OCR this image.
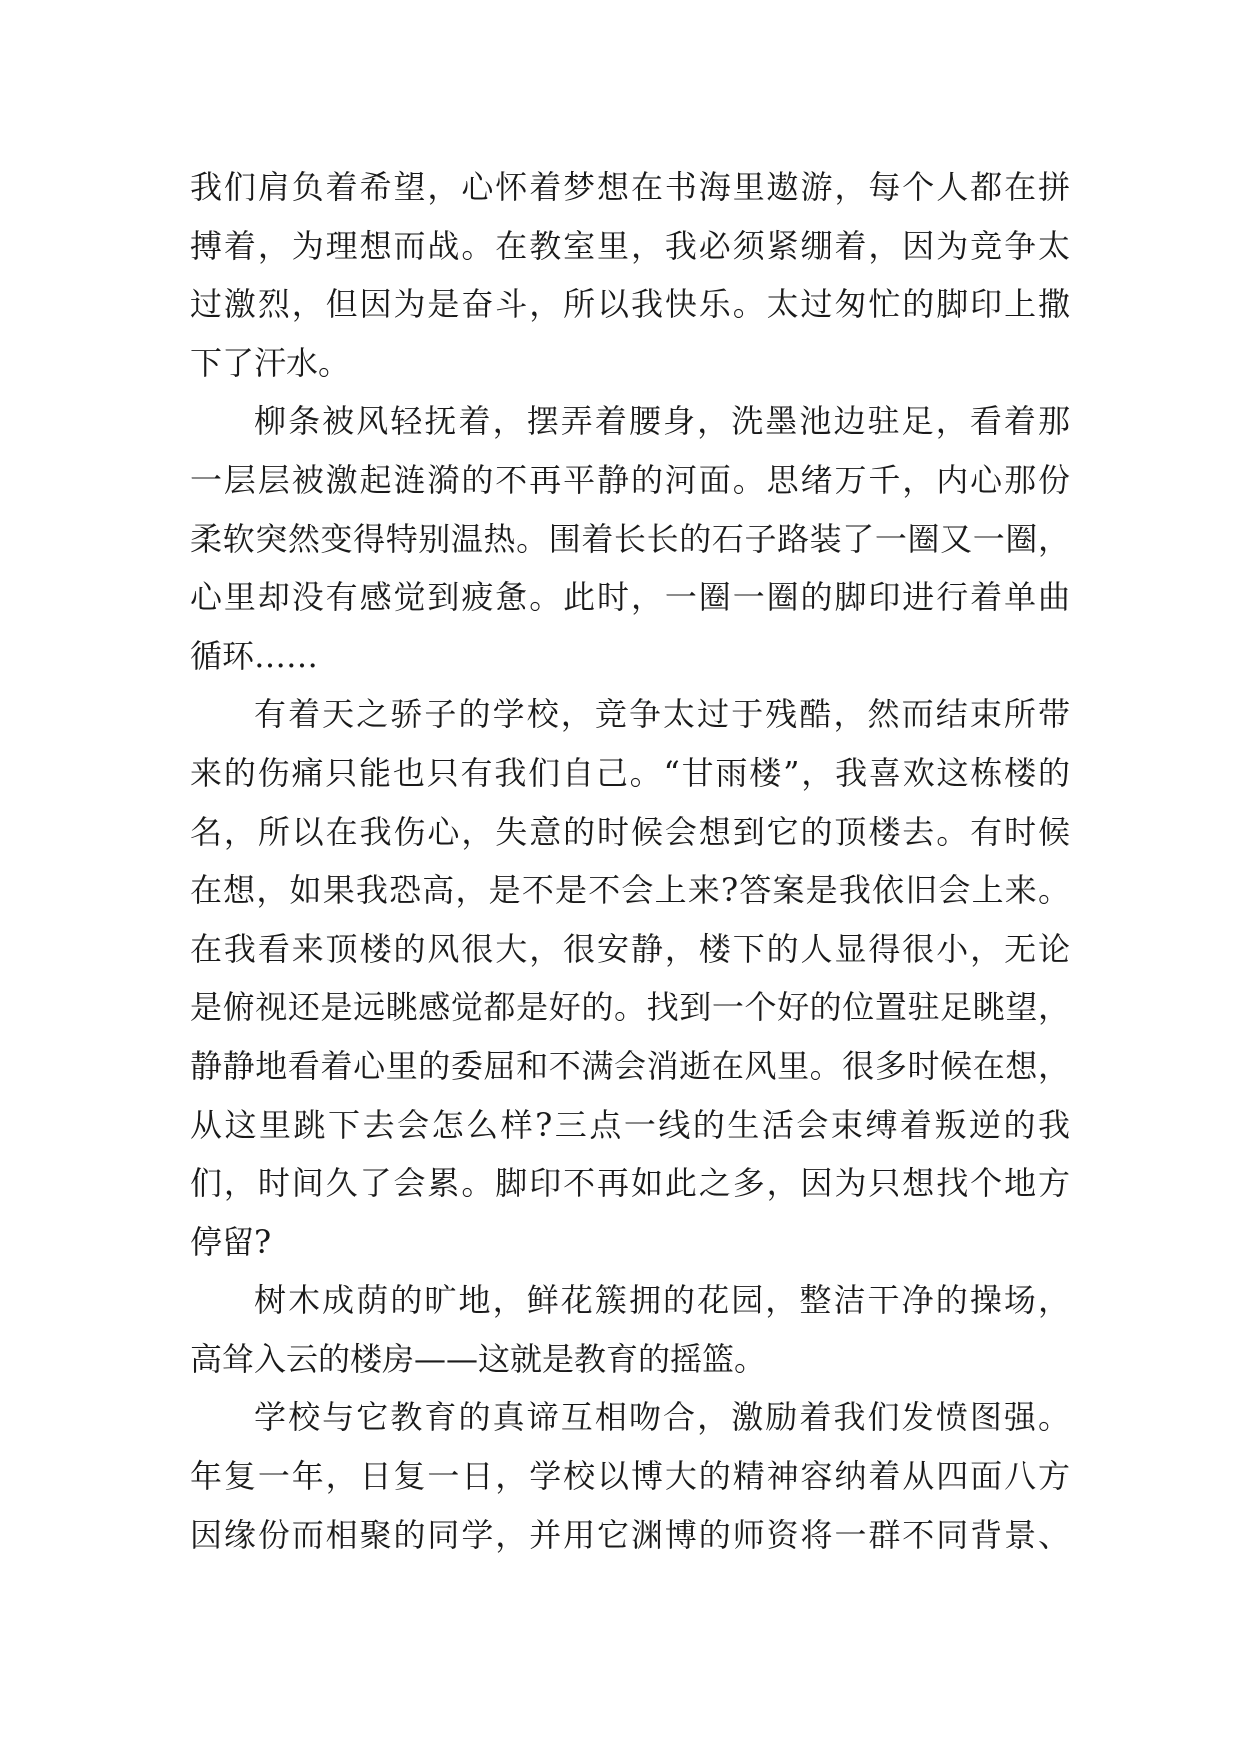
我们肩负着希望，心怀着梦想在书海里遨游，每个人都在拼
搏着，为理想而战。在教室里，我必须紧绷着，因为竞争太
过激烈，但因为是奋斗，所以我快乐。太过匆忙的脚印上撒
下了汗水。
柳条被风轻抚着，摆弄着腰身，洗墨池边驻足，看着那
一层层被激起涟漪的不再平静的河面。思绪万千，内心那份
柔软突然变得特别温热。围着长长的石子路装了一圈又一圈，
心里却没有感觉到疲惫。此时，一圈一圈的脚印进行着单曲
循环……
有着天之骄子的学校，竞争太过于残酷，然而结束所带
来的伤痛只能也只有我们自己。“甘雨楼”，我喜欢这栋楼的
名，所以在我伤心，失意的时候会想到它的顶楼去。有时候
在想，如果我恐高，是不是不会上来?答案是我依旧会上来。
在我看来顶楼的风很大，很安静，楼下的人显得很小，无论
是俯视还是远眺感觉都是好的。找到一个好的位置驻足眺望，
静静地看着心里的委屈和不满会消逝在风里。很多时候在想，
从这里跳下去会怎么样?三点一线的生活会束缚着叛逆的我
们，时间久了会累。脚印不再如此之多，因为只想找个地方
停留?
树木成荫的旷地，鲜花簇拥的花园，整洁干净的操场，
高耸入云的楼房——这就是教育的摇篮。
学校与它教育的真谛互相吻合，激励着我们发愤图强。
年复一年，日复一日，学校以博大的精神容纳着从四面八方
因缘份而相聚的同学，并用它渊博的师资将一群不同背景、
